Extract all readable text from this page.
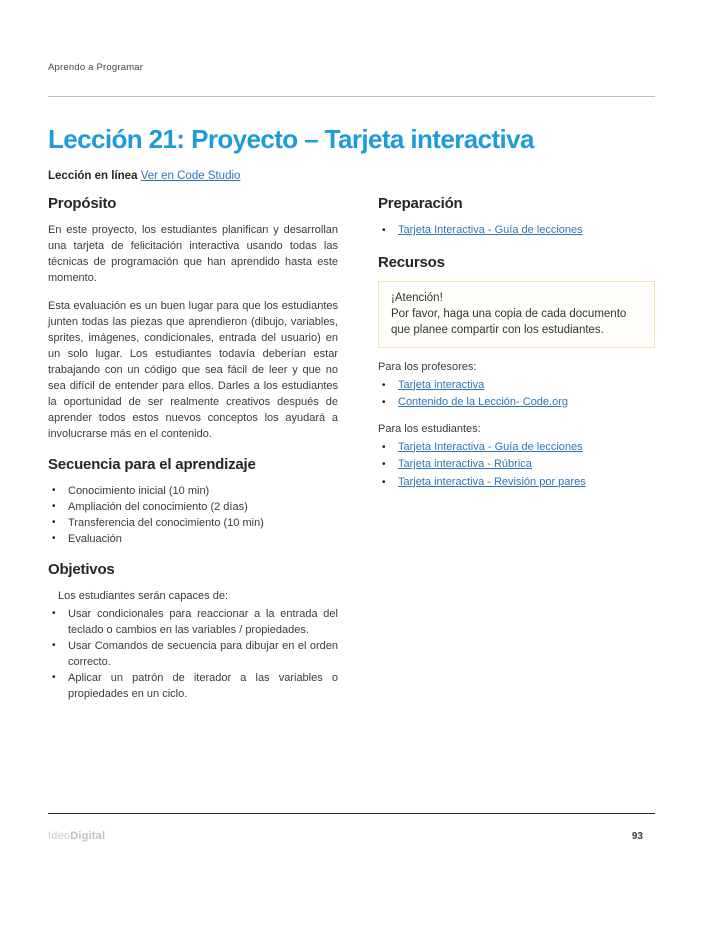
Aprendo a Programar
Lección 21: Proyecto – Tarjeta interactiva
Lección en línea Ver en Code Studio
Propósito

En este proyecto, los estudiantes planifican y desarrollan una tarjeta de felicitación interactiva usando todas las técnicas de programación que han aprendido hasta este momento.

Esta evaluación es un buen lugar para que los estudiantes junten todas las piezas que aprendieron (dibujo, variables, sprites, imágenes, condicionales, entrada del usuario) en un solo lugar. Los estudiantes todavía deberían estar trabajando con un código que sea fácil de leer y que no sea difícil de entender para ellos. Darles a los estudiantes la oportunidad de ser realmente creativos después de aprender todos estos nuevos conceptos los ayudará a involucrarse más en el contenido.

Secuencia para el aprendizaje
•	Conocimiento inicial (10 min)
•	Ampliación del conocimiento (2 días)
•	Transferencia del conocimiento (10 min)
•	Evaluación
Objetivos
Los estudiantes serán capaces de:
•	Usar condicionales para reaccionar a la entrada del teclado o cambios en las variables / propiedades.
•	Usar Comandos de secuencia para dibujar en el orden correcto.
•	Aplicar un patrón de iterador a las variables o propiedades en un ciclo.
Preparación
•	Tarjeta Interactiva - Guía de lecciones
Recursos
¡Atención!
Por favor, haga una copia de cada documento que planee compartir con los estudiantes.
Para los profesores:
•	Tarjeta interactiva
•	Contenido de la Lección- Code.org
Para los estudiantes:
•	Tarjeta Interactiva - Guía de lecciones
•	Tarjeta interactiva - Rúbrica
•	Tarjeta interactiva - Revisión por pares
IdeoDigital	93
